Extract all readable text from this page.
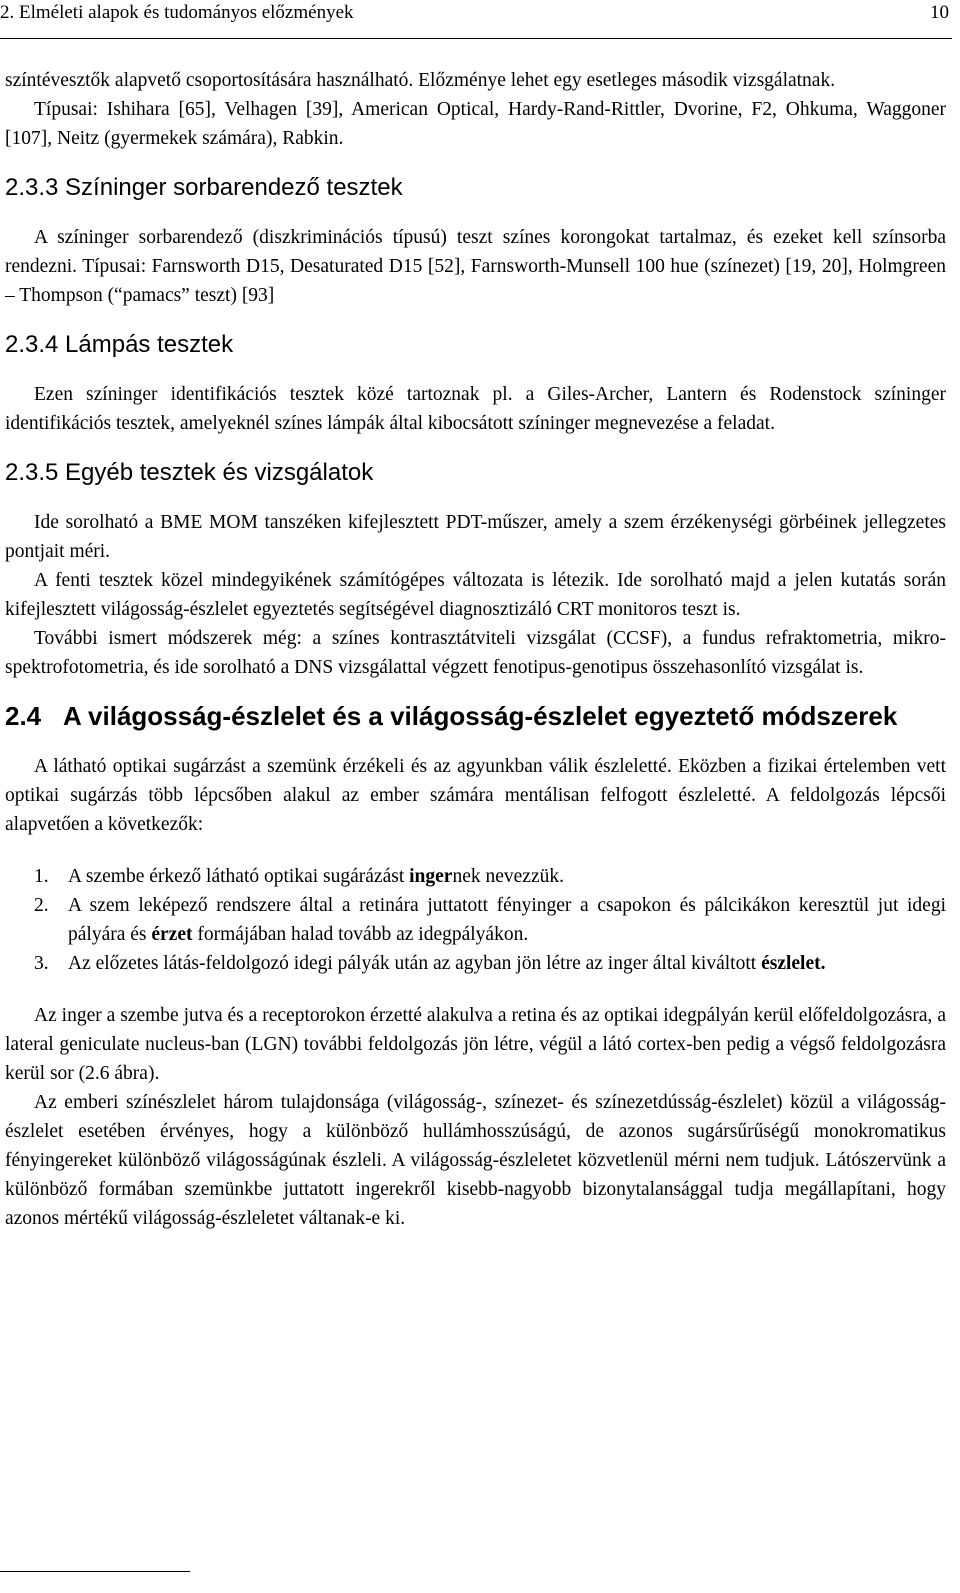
2. Elméleti alapok és tudományos előzmények	10

színtévesztők alapvető csoportosítására használható. Előzménye lehet egy esetleges második vizsgálatnak.

Típusai: Ishihara [65], Velhagen [39], American Optical, Hardy-Rand-Rittler, Dvorine, F2, Ohkuma, Waggoner [107], Neitz (gyermekek számára), Rabkin.

2.3.3 Színinger sorbarendező tesztek

A színinger sorbarendező (diszkriminációs típusú) teszt színes korongokat tartalmaz, és ezeket kell színsorba rendezni. Típusai: Farnsworth D15, Desaturated D15 [52], Farnsworth-Munsell 100 hue (színezet) [19, 20], Holmgreen – Thompson (“pamacs” teszt) [93]

2.3.4 Lámpás tesztek

Ezen színinger identifikációs tesztek közé tartoznak pl. a Giles-Archer, Lantern és Rodenstock színinger identifikációs tesztek, amelyeknél színes lámpák által kibocsátott színinger megnevezése a feladat.

2.3.5 Egyéb tesztek és vizsgálatok

Ide sorolható a BME MOM tanszéken kifejlesztett PDT-műszer, amely a szem érzékenységi görbéinek jellegzetes pontjait méri.

A fenti tesztek közel mindegyikének számítógépes változata is létezik. Ide sorolható majd a jelen kutatás során kifejlesztett világosság-észlelet egyeztetés segítségével diagnosztizáló CRT monitoros teszt is.

További ismert módszerek még: a színes kontrasztátviteli vizsgálat (CCSF), a fundus refraktometria, mikro-spektrofotometria, és ide sorolható a DNS vizsgálattal végzett fenotipus-genotipus összehasonlító vizsgálat is.

2.4 A világosság-észlelet és a világosság-észlelet egyeztető módszerek

A látható optikai sugárzást a szemünk érzékeli és az agyunkban válik észleletté. Eközben a fizikai értelemben vett optikai sugárzás több lépcsőben alakul az ember számára mentálisan felfogott észleletté. A feldolgozás lépcsői alapvetően a következők:

1. A szembe érkező látható optikai sugárázást ingernek nevezzük.
2. A szem leképező rendszere által a retinára juttatott fényinger a csapokon és pálcikákon keresztül jut idegi pályára és érzet formájában halad tovább az idegpályákon.
3. Az előzetes látás-feldolgozó idegi pályák után az agyban jön létre az inger által kiváltott észlelet.

Az inger a szembe jutva és a receptorokon érzetté alakulva a retina és az optikai idegpályán kerül előfeldolgozásra, a lateral geniculate nucleus-ban (LGN) további feldolgozás jön létre, végül a látó cortex-ben pedig a végső feldolgozásra kerül sor (2.6 ábra).

Az emberi színészlelet három tulajdonsága (világosság-, színezet- és színezetdússág-észlelet) közül a világosság-észlelet esetében érvényes, hogy a különböző hullámhosszúságú, de azonos sugársűrűségű monokromatikus fényingereket különböző világosságúnak észleli. A világosság-észleletet közvetlenül mérni nem tudjuk. Látószervünk a különböző formában szemünkbe juttatott ingerekről kisebb-nagyobb bizonytalansággal tudja megállapítani, hogy azonos mértékű világosság-észleletet váltanak-e ki.
